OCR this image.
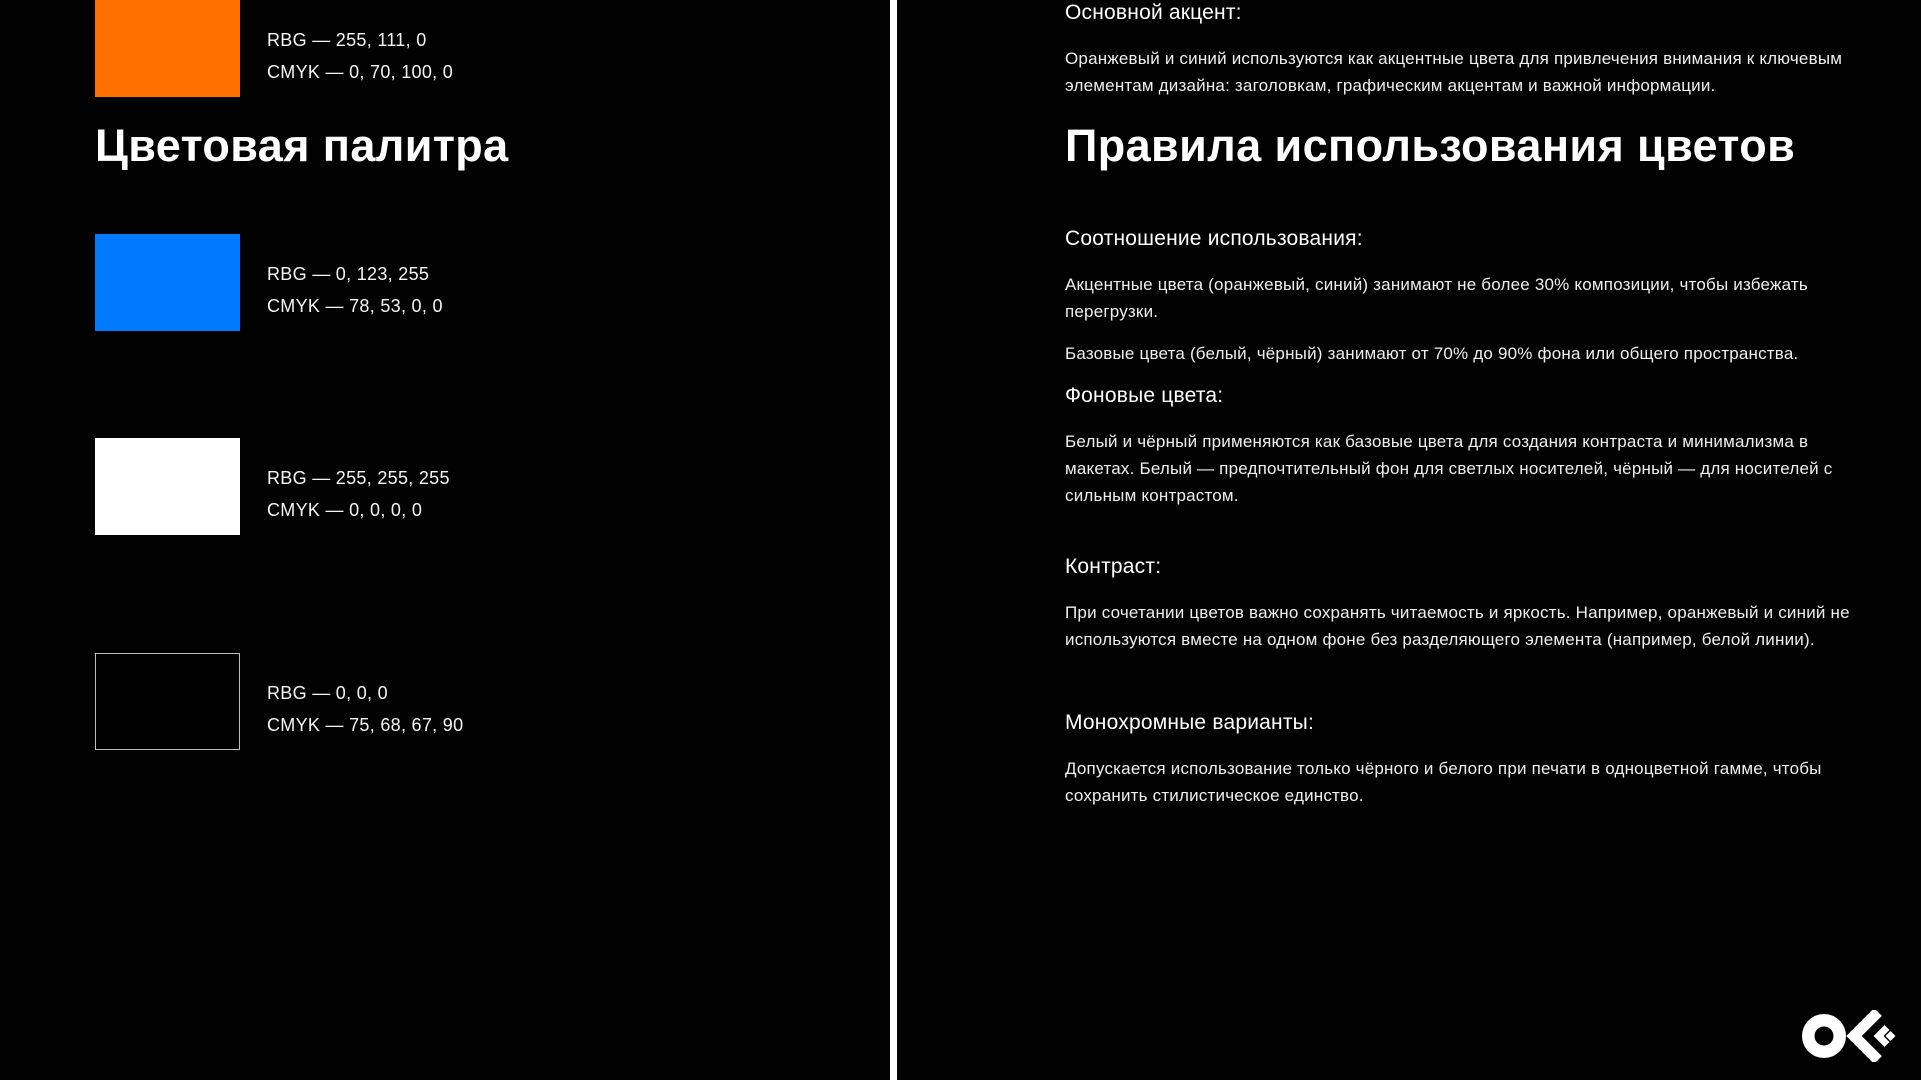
Цветовая палитра
RBG — 255, 111, 0
CMYK — 0, 70, 100, 0
RBG — 0, 123, 255
CMYK — 78, 53, 0, 0
RBG — 255, 255, 255
CMYK — 0, 0, 0, 0
RBG — 0, 0, 0
CMYK — 75, 68, 67, 90
Правила использования цветов
Основной акцент:

Оранжевый и синий используются как акцентные цвета для привлечения внимания к ключевым элементам дизайна: заголовкам, графическим акцентам и важной информации.

Соотношение использования:

Акцентные цвета (оранжевый, синий) занимают не более 30% композиции, чтобы избежать перегрузки.

Базовые цвета (белый, чёрный) занимают от 70% до 90% фона или общего пространства.

Фоновые цвета:

Белый и чёрный применяются как базовые цвета для создания контраста и минимализма в макетах. Белый — предпочтительный фон для светлых носителей, чёрный — для носителей с сильным контрастом.

Контраст:

При сочетании цветов важно сохранять читаемость и яркость. Например, оранжевый и синий не используются вместе на одном фоне без разделяющего элемента (например, белой линии).

Монохромные варианты:

Допускается использование только чёрного и белого при печати в одноцветной гамме, чтобы сохранить стилистическое единство.
